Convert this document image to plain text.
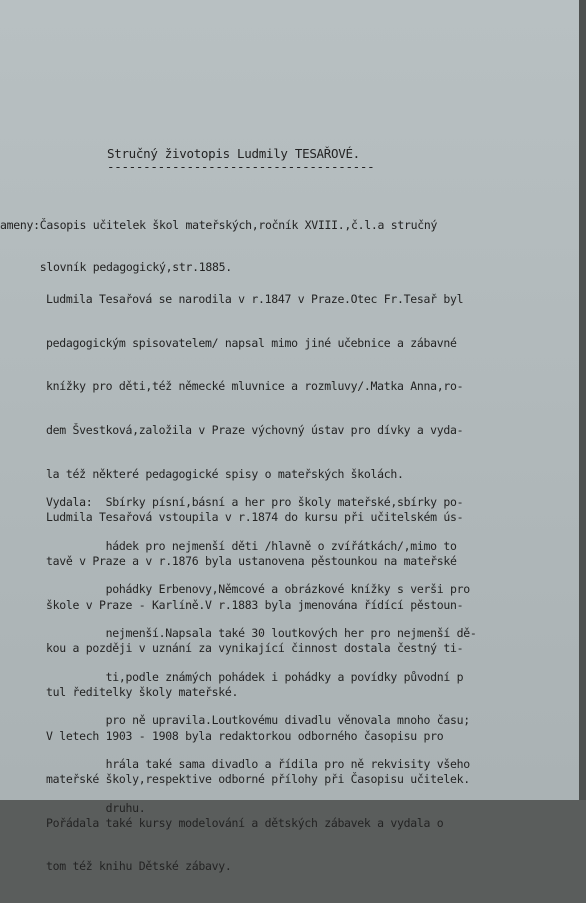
Stručný životopis Ludmily TESAŘOVÉ.

-------------------------------------

ameny:Časopis učitelek škol mateřských,ročník XVIII.,č.l.a stručný

slovník pedagogický,str.1885.

Ludmila Tesařová se narodila v r.1847 v Praze.Otec Fr.Tesař byl

pedagogickým spisovatelem/ napsal mimo jiné učebnice a zábavné

knížky pro děti,též německé mluvnice a rozmluvy/.Matka Anna,ro-

dem Švestková,založila v Praze výchovný ústav pro dívky a vyda-

la též některé pedagogické spisy o mateřských školách.

Ludmila Tesařová vstoupila v r.1874 do kursu při učitelském ús-

tavě v Praze a v r.1876 byla ustanovena pěstounkou na mateřské

škole v Praze - Karlíně.V r.1883 byla jmenována řídící pěstoun-

kou a později v uznání za vynikající činnost dostala čestný ti-

tul ředitelky školy mateřské.

V letech 1903 - 1908 byla redaktorkou odborného časopisu pro

mateřské školy,respektive odborné přílohy při Časopisu učitelek.

Pořádala také kursy modelování a dětských zábavek a vydala o

tom též knihu Dětské zábavy.

Vydala:  Sbírky písní,básní a her pro školy mateřské,sbírky po-

hádek pro nejmenší děti /hlavně o zvířátkách/,mimo to

pohádky Erbenovy,Němcové a obrázkové knížky s verši pro

nejmenší.Napsala také 30 loutkových her pro nejmenší dě-

ti,podle známých pohádek i pohádky a povídky původní p

pro ně upravila.Loutkovému divadlu věnovala mnoho času;

hrála také sama divadlo a řídila pro ně rekvisity všeho

druhu.
